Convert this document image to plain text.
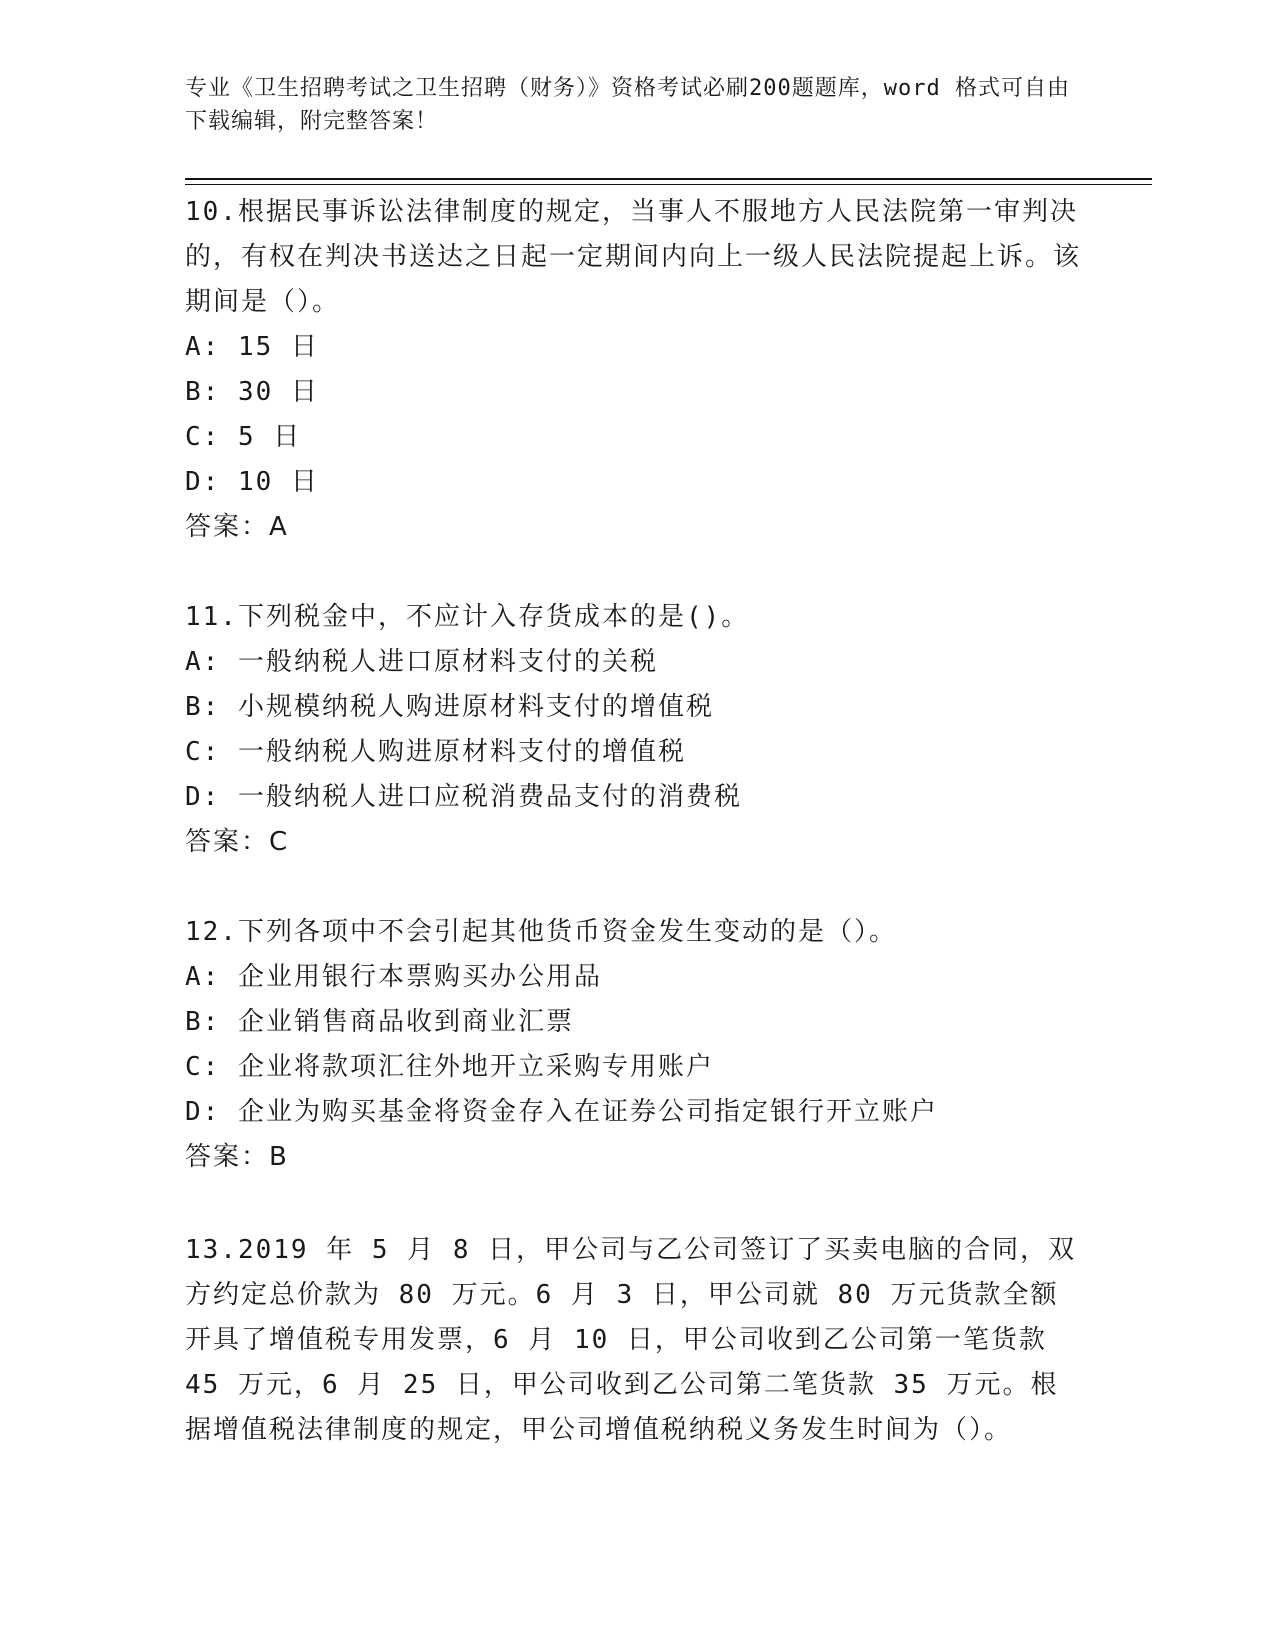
专业《卫生招聘考试之卫生招聘（财务）》资格考试必刷200题题库，word 格式可自由下载编辑，附完整答案！

10.根据民事诉讼法律制度的规定，当事人不服地方人民法院第一审判决的，有权在判决书送达之日起一定期间内向上一级人民法院提起上诉。该期间是（）。

A: 15 日

B: 30 日

C: 5 日

D: 10 日

答案：A

11.下列税金中，不应计入存货成本的是()。

A: 一般纳税人进口原材料支付的关税

B: 小规模纳税人购进原材料支付的增值税

C: 一般纳税人购进原材料支付的增值税

D: 一般纳税人进口应税消费品支付的消费税

答案：C

12.下列各项中不会引起其他货币资金发生变动的是（）。

A: 企业用银行本票购买办公用品

B: 企业销售商品收到商业汇票

C: 企业将款项汇往外地开立采购专用账户

D: 企业为购买基金将资金存入在证券公司指定银行开立账户

答案：B

13.2019 年 5 月 8 日，甲公司与乙公司签订了买卖电脑的合同，双方约定总价款为 80 万元。6 月 3 日，甲公司就 80 万元货款全额开具了增值税专用发票，6 月 10 日，甲公司收到乙公司第一笔货款 45 万元，6 月 25 日，甲公司收到乙公司第二笔货款 35 万元。根据增值税法律制度的规定，甲公司增值税纳税义务发生时间为（）。
